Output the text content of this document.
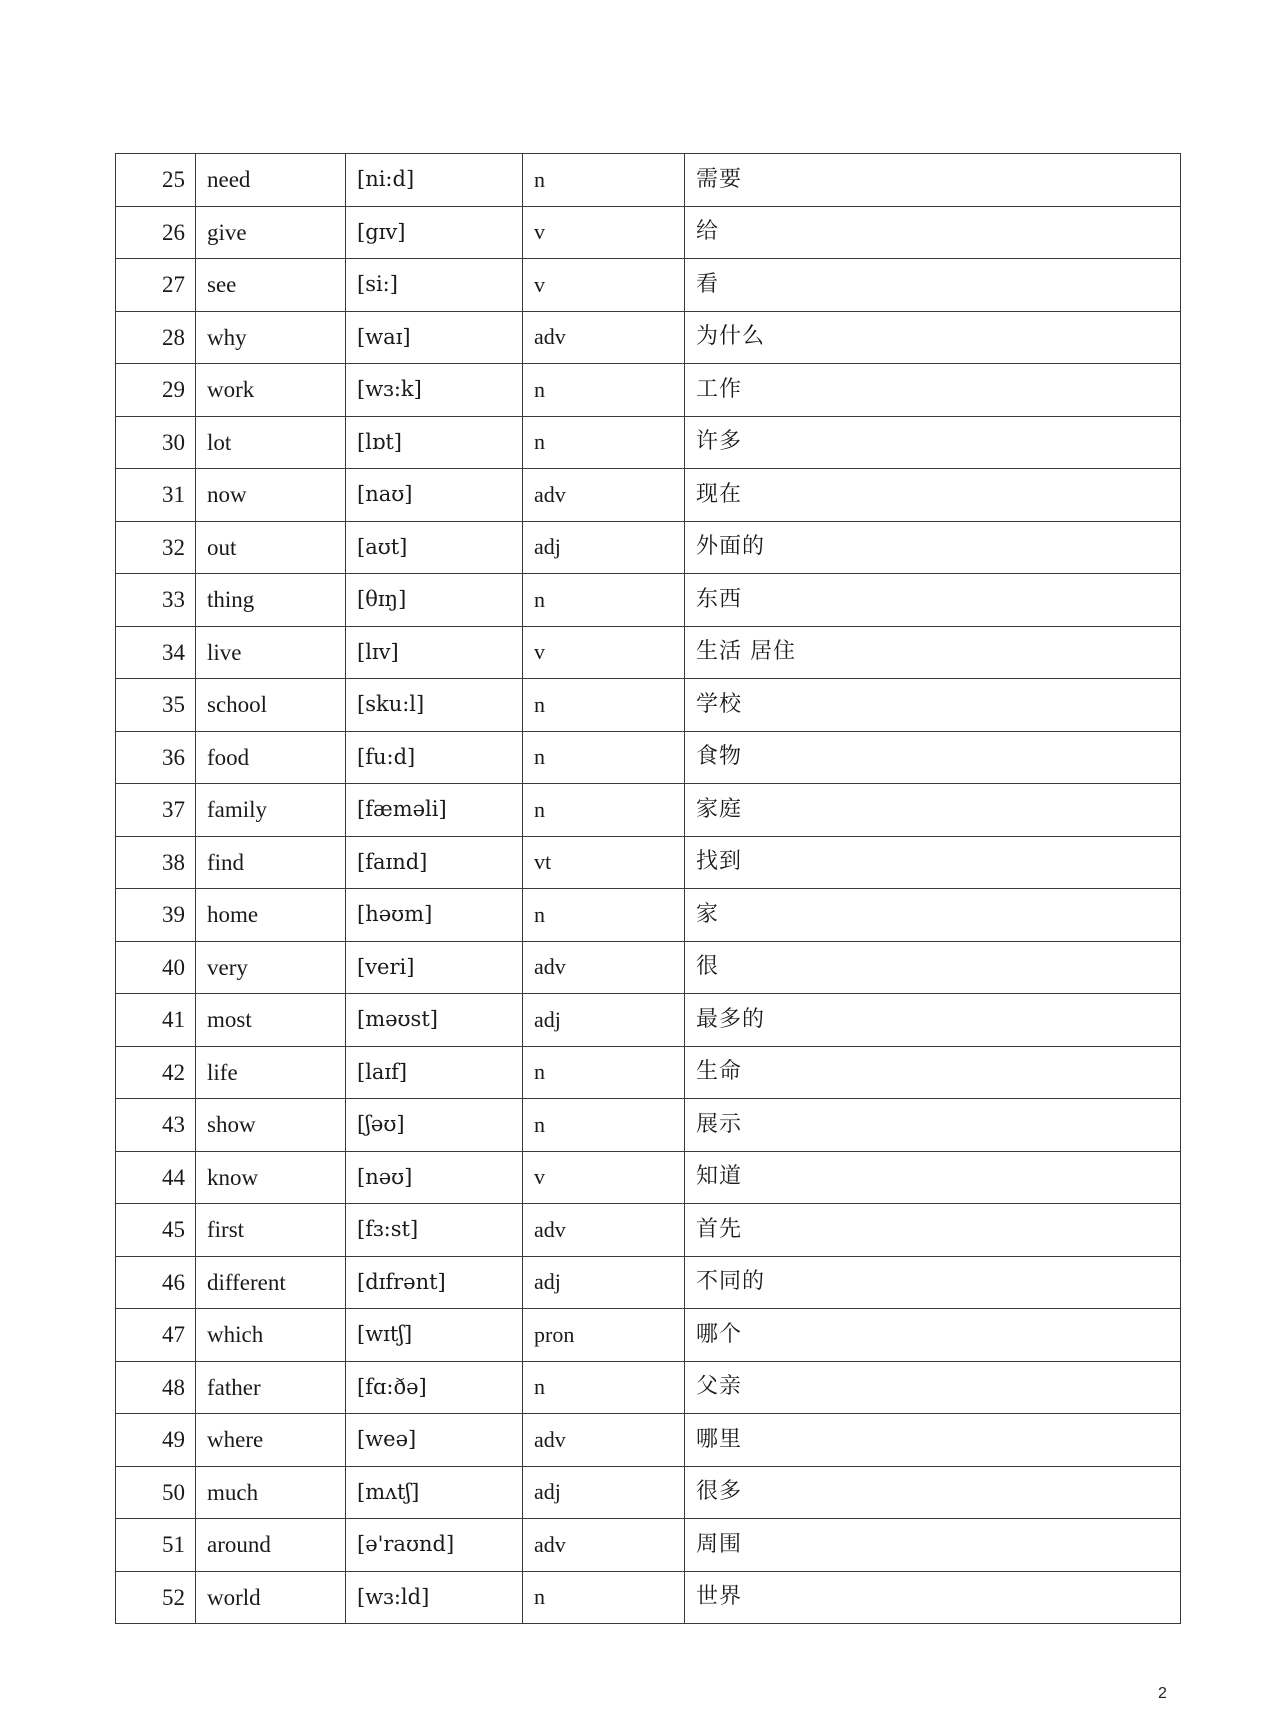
25	need	[ni:d]	n	需要
26	give	[gɪv]	v	给
27	see	[si:]	v	看
28	why	[waɪ]	adv	为什么
29	work	[wɜ:k]	n	工作
30	lot	[lɒt]	n	许多
31	now	[naʊ]	adv	现在
32	out	[aʊt]	adj	外面的
33	thing	[θɪŋ]	n	东西
34	live	[lɪv]	v	生活 居住
35	school	[sku:l]	n	学校
36	food	[fu:d]	n	食物
37	family	[fæməli]	n	家庭
38	find	[faɪnd]	vt	找到
39	home	[həʊm]	n	家
40	very	[veri]	adv	很
41	most	[məʊst]	adj	最多的
42	life	[laɪf]	n	生命
43	show	[ʃəʊ]	n	展示
44	know	[nəʊ]	v	知道
45	first	[fɜ:st]	adv	首先
46	different	[dɪfrənt]	adj	不同的
47	which	[wɪtʃ]	pron	哪个
48	father	[fɑ:ðə]	n	父亲
49	where	[weə]	adv	哪里
50	much	[mʌtʃ]	adj	很多
51	around	[ə'raʊnd]	adv	周围
52	world	[wɜ:ld]	n	世界
2
